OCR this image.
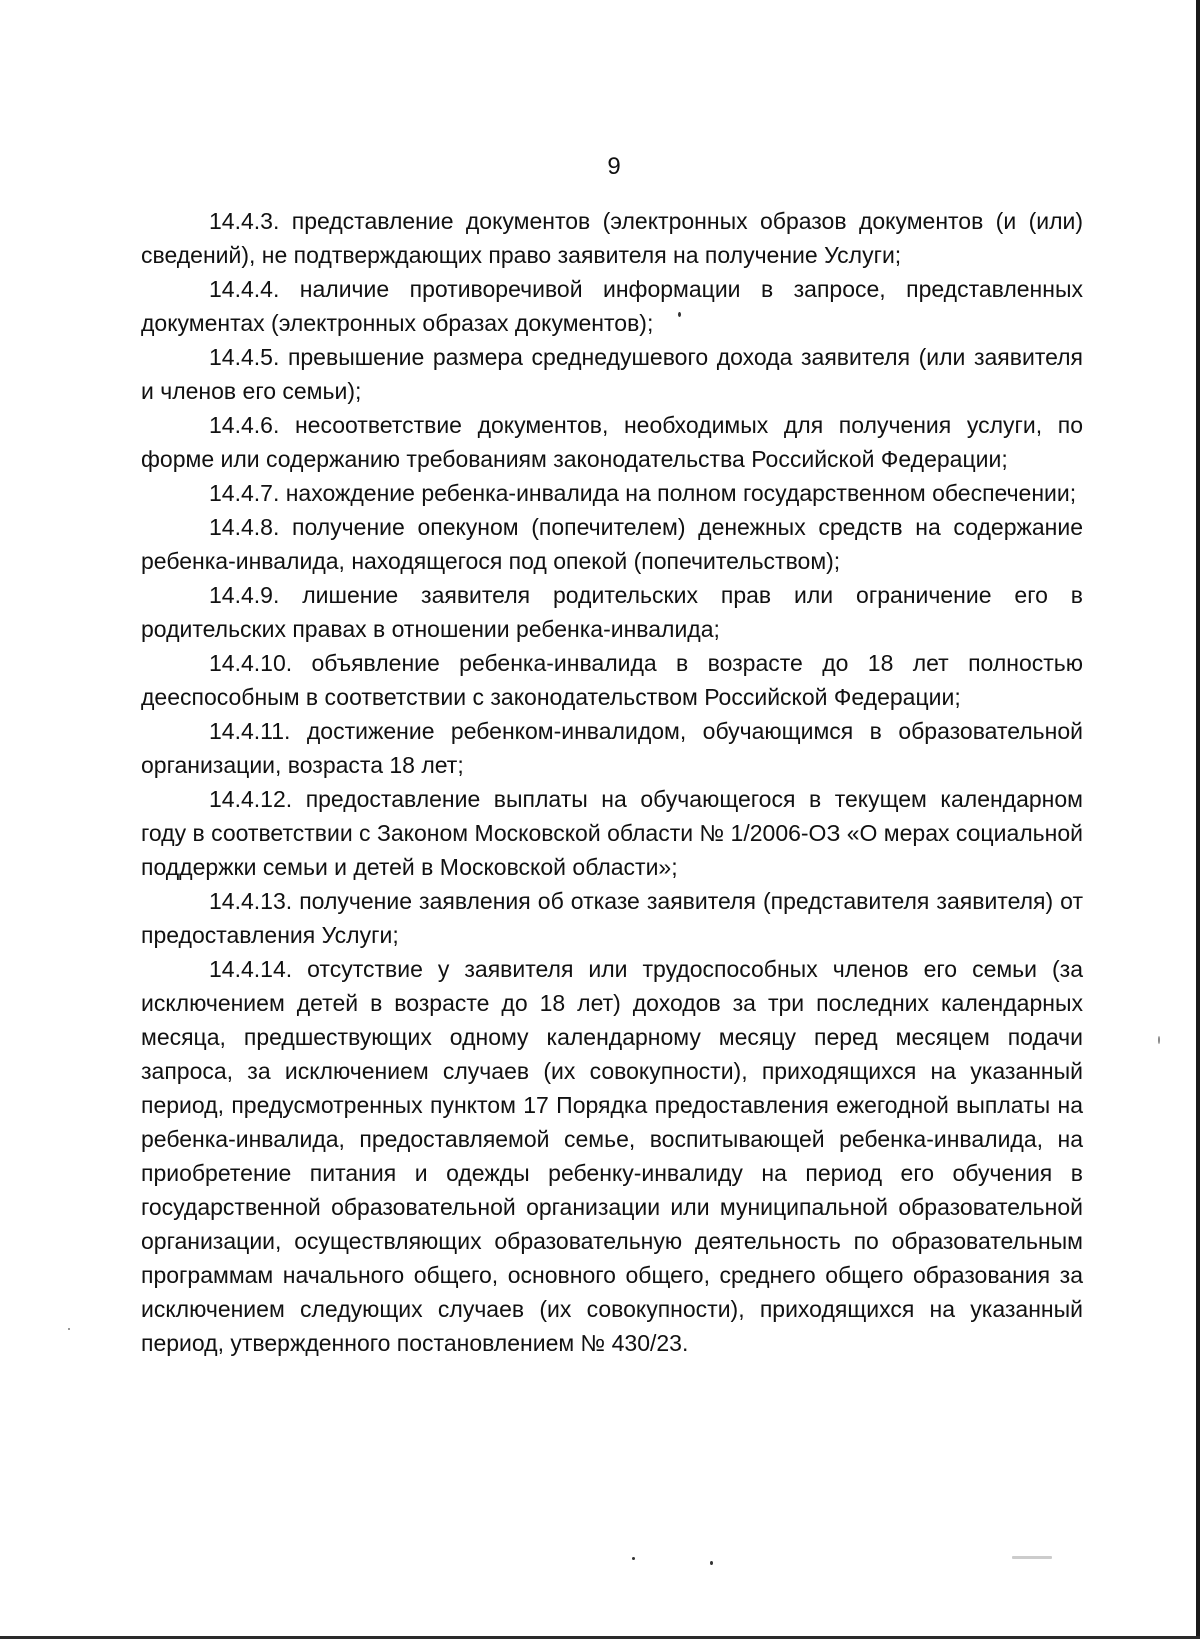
9

14.4.3. представление документов (электронных образов документов (и (или) сведений), не подтверждающих право заявителя на получение Услуги;

14.4.4. наличие противоречивой информации в запросе, представленных документах (электронных образах документов);

14.4.5. превышение размера среднедушевого дохода заявителя (или заявителя и членов его семьи);

14.4.6. несоответствие документов, необходимых для получения услуги, по форме или содержанию требованиям законодательства Российской Федерации;

14.4.7. нахождение ребенка-инвалида на полном государственном обеспечении;

14.4.8. получение опекуном (попечителем) денежных средств на содержание ребенка-инвалида, находящегося под опекой (попечительством);

14.4.9. лишение заявителя родительских прав или ограничение его в родительских правах в отношении ребенка-инвалида;

14.4.10. объявление ребенка-инвалида в возрасте до 18 лет полностью дееспособным в соответствии с законодательством Российской Федерации;

14.4.11. достижение ребенком-инвалидом, обучающимся в образовательной организации, возраста 18 лет;

14.4.12. предоставление выплаты на обучающегося в текущем календарном году в соответствии с Законом Московской области № 1/2006-ОЗ «О мерах социальной поддержки семьи и детей в Московской области»;

14.4.13. получение заявления об отказе заявителя (представителя заявителя) от предоставления Услуги;

14.4.14. отсутствие у заявителя или трудоспособных членов его семьи (за исключением детей в возрасте до 18 лет) доходов за три последних календарных месяца, предшествующих одному календарному месяцу перед месяцем подачи запроса, за исключением случаев (их совокупности), приходящихся на указанный период, предусмотренных пунктом 17 Порядка предоставления ежегодной выплаты на ребенка-инвалида, предоставляемой семье, воспитывающей ребенка-инвалида, на приобретение питания и одежды ребенку-инвалиду на период его обучения в государственной образовательной организации или муниципальной образовательной организации, осуществляющих образовательную деятельность по образовательным программам начального общего, основного общего, среднего общего образования за исключением следующих случаев (их совокупности), приходящихся на указанный период, утвержденного постановлением № 430/23.
